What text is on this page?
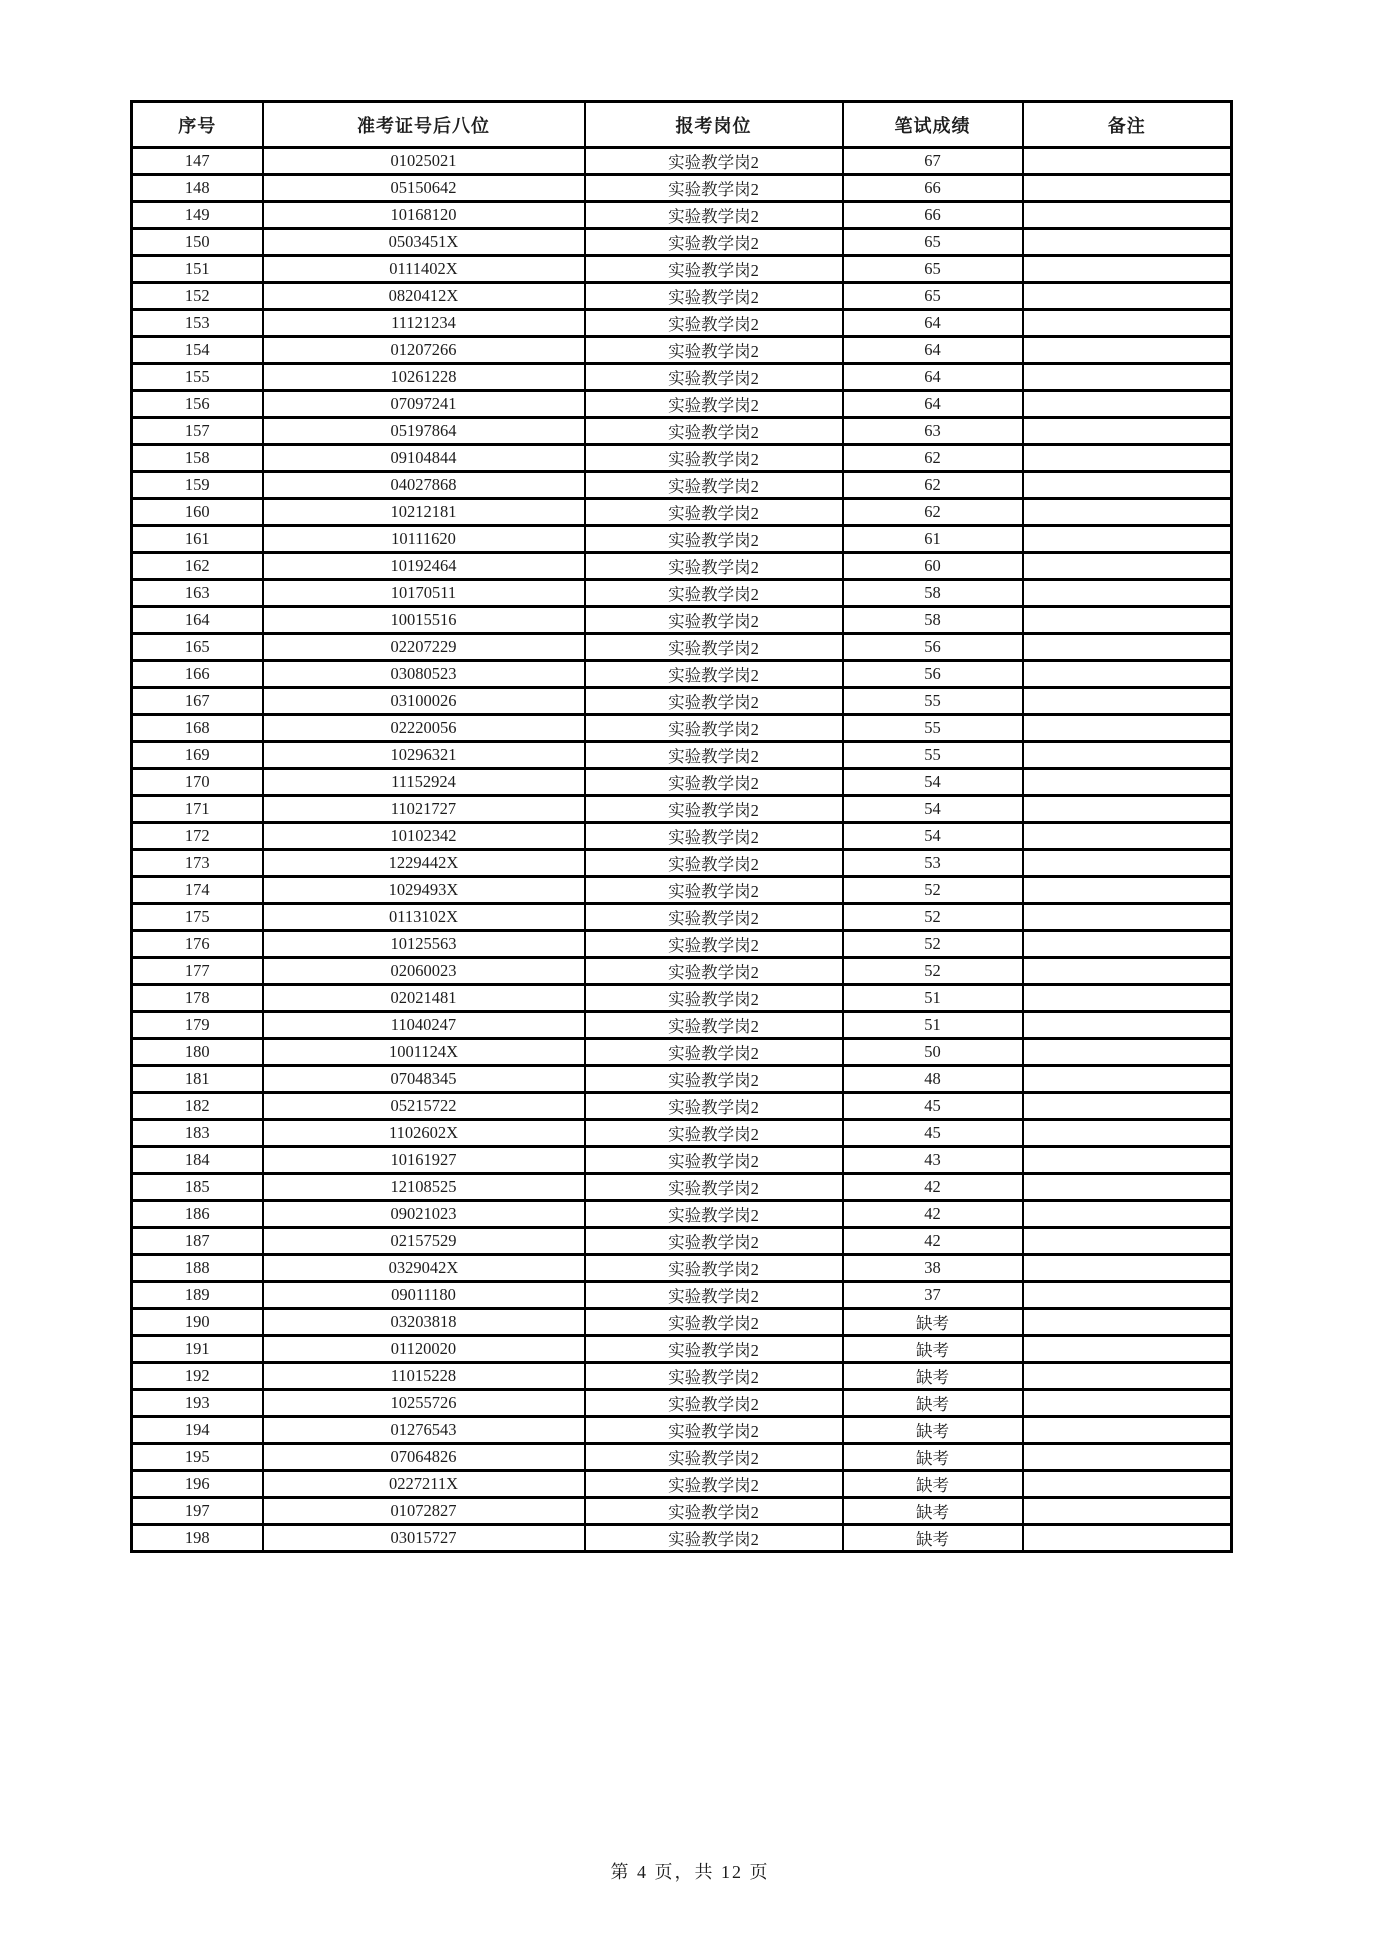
序号	准考证号后八位	报考岗位	笔试成绩	备注
147	01025021	实验教学岗2	67	
148	05150642	实验教学岗2	66	
149	10168120	实验教学岗2	66	
150	0503451X	实验教学岗2	65	
151	0111402X	实验教学岗2	65	
152	0820412X	实验教学岗2	65	
153	11121234	实验教学岗2	64	
154	01207266	实验教学岗2	64	
155	10261228	实验教学岗2	64	
156	07097241	实验教学岗2	64	
157	05197864	实验教学岗2	63	
158	09104844	实验教学岗2	62	
159	04027868	实验教学岗2	62	
160	10212181	实验教学岗2	62	
161	10111620	实验教学岗2	61	
162	10192464	实验教学岗2	60	
163	10170511	实验教学岗2	58	
164	10015516	实验教学岗2	58	
165	02207229	实验教学岗2	56	
166	03080523	实验教学岗2	56	
167	03100026	实验教学岗2	55	
168	02220056	实验教学岗2	55	
169	10296321	实验教学岗2	55	
170	11152924	实验教学岗2	54	
171	11021727	实验教学岗2	54	
172	10102342	实验教学岗2	54	
173	1229442X	实验教学岗2	53	
174	1029493X	实验教学岗2	52	
175	0113102X	实验教学岗2	52	
176	10125563	实验教学岗2	52	
177	02060023	实验教学岗2	52	
178	02021481	实验教学岗2	51	
179	11040247	实验教学岗2	51	
180	1001124X	实验教学岗2	50	
181	07048345	实验教学岗2	48	
182	05215722	实验教学岗2	45	
183	1102602X	实验教学岗2	45	
184	10161927	实验教学岗2	43	
185	12108525	实验教学岗2	42	
186	09021023	实验教学岗2	42	
187	02157529	实验教学岗2	42	
188	0329042X	实验教学岗2	38	
189	09011180	实验教学岗2	37	
190	03203818	实验教学岗2	缺考	
191	01120020	实验教学岗2	缺考	
192	11015228	实验教学岗2	缺考	
193	10255726	实验教学岗2	缺考	
194	01276543	实验教学岗2	缺考	
195	07064826	实验教学岗2	缺考	
196	0227211X	实验教学岗2	缺考	
197	01072827	实验教学岗2	缺考	
198	03015727	实验教学岗2	缺考	
第 4 页，共 12 页
